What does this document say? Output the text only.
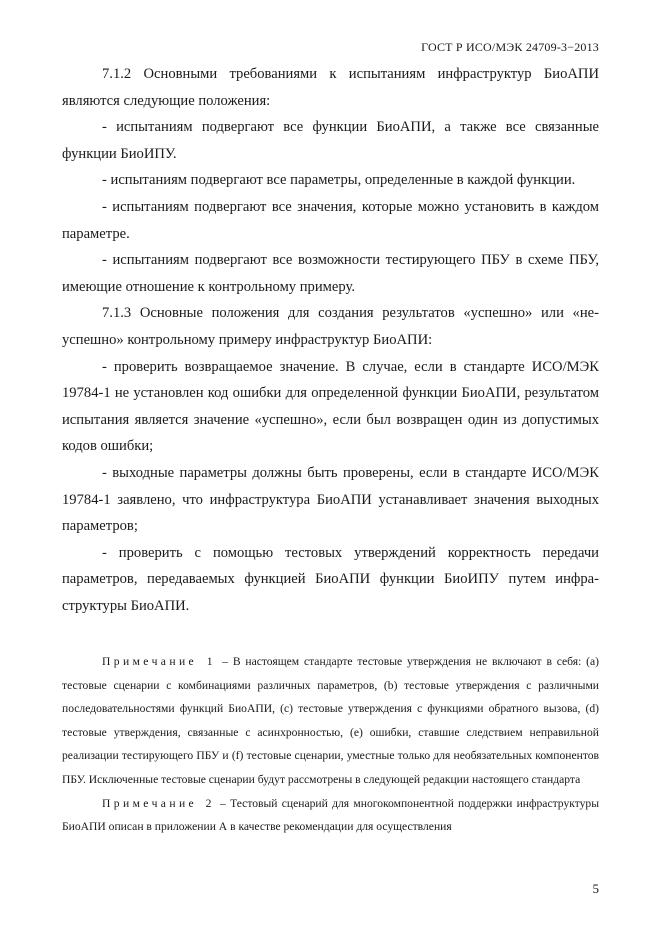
ГОСТ Р ИСО/МЭК 24709-3−2013

7.1.2 Основными требованиями к испытаниям инфраструктур БиоАПИ являются следующие положения:

- испытаниям подвергают все функции БиоАПИ, а также все связанные функции БиоИПУ.

- испытаниям подвергают все параметры, определенные в каждой функции.

- испытаниям подвергают все значения, которые можно установить в каждом параметре.

- испытаниям подвергают все возможности тестирующего ПБУ в схеме ПБУ, имеющие отношение к контрольному примеру.

7.1.3 Основные положения для создания результатов «успешно» или «неуспешно» контрольному примеру инфраструктур БиоАПИ:

- проверить возвращаемое значение. В случае, если в стандарте ИСО/МЭК 19784-1 не установлен код ошибки для определенной функции БиоАПИ, результатом испытания является значение «успешно», если был возвращен один из допустимых кодов ошибки;

- выходные параметры должны быть проверены, если в стандарте ИСО/МЭК 19784-1 заявлено, что инфраструктура БиоАПИ устанавливает значения выходных параметров;

- проверить с помощью тестовых утверждений корректность передачи параметров, передаваемых функцией БиоАПИ функции БиоИПУ путем инфраструктуры БиоАПИ.

Примечание 1 – В настоящем стандарте тестовые утверждения не включают в себя: (a) тестовые сценарии с комбинациями различных параметров, (b) тестовые утверждения с различными последовательностями функций БиоАПИ, (c) тестовые утверждения с функциями обратного вызова, (d) тестовые утверждения, связанные с асинхронностью, (e) ошибки, ставшие следствием неправильной реализации тестирующего ПБУ и (f) тестовые сценарии, уместные только для необязательных компонентов ПБУ. Исключенные тестовые сценарии будут рассмотрены в следующей редакции настоящего стандарта

Примечание 2 – Тестовый сценарий для многокомпонентной поддержки инфраструктуры БиоАПИ описан в приложении А в качестве рекомендации для осуществления

5
